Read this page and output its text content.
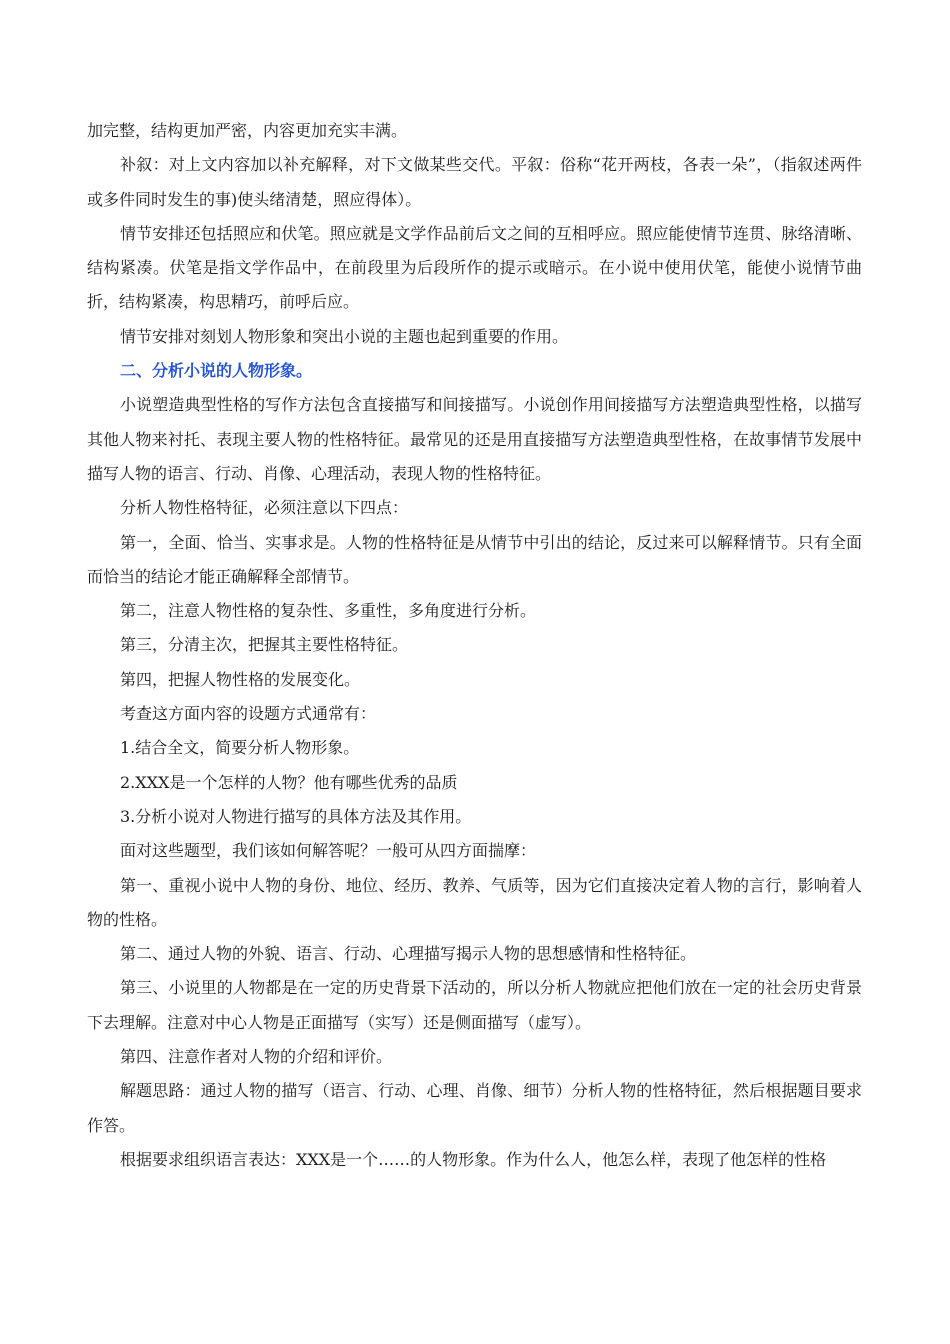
加完整，结构更加严密，内容更加充实丰满。

补叙：对上文内容加以补充解释，对下文做某些交代。平叙：俗称“花开两枝，各表一朵”，（指叙述两件或多件同时发生的事)使头绪清楚，照应得体）。

情节安排还包括照应和伏笔。照应就是文学作品前后文之间的互相呼应。照应能使情节连贯、脉络清晰、结构紧凑。伏笔是指文学作品中，在前段里为后段所作的提示或暗示。在小说中使用伏笔，能使小说情节曲折，结构紧凑，构思精巧，前呼后应。

情节安排对刻划人物形象和突出小说的主题也起到重要的作用。

二、分析小说的人物形象。

小说塑造典型性格的写作方法包含直接描写和间接描写。小说创作用间接描写方法塑造典型性格，以描写其他人物来衬托、表现主要人物的性格特征。最常见的还是用直接描写方法塑造典型性格，在故事情节发展中描写人物的语言、行动、肖像、心理活动，表现人物的性格特征。

分析人物性格特征，必须注意以下四点：

第一，全面、恰当、实事求是。人物的性格特征是从情节中引出的结论，反过来可以解释情节。只有全面而恰当的结论才能正确解释全部情节。

第二，注意人物性格的复杂性、多重性，多角度进行分析。

第三，分清主次，把握其主要性格特征。

第四，把握人物性格的发展变化。

考查这方面内容的设题方式通常有：

1.结合全文，简要分析人物形象。

2.XXX是一个怎样的人物？他有哪些优秀的品质

3.分析小说对人物进行描写的具体方法及其作用。

面对这些题型，我们该如何解答呢？一般可从四方面揣摩：

第一、重视小说中人物的身份、地位、经历、教养、气质等，因为它们直接决定着人物的言行，影响着人物的性格。

第二、通过人物的外貌、语言、行动、心理描写揭示人物的思想感情和性格特征。

第三、小说里的人物都是在一定的历史背景下活动的，所以分析人物就应把他们放在一定的社会历史背景下去理解。注意对中心人物是正面描写（实写）还是侧面描写（虚写）。

第四、注意作者对人物的介绍和评价。

解题思路：通过人物的描写（语言、行动、心理、肖像、细节）分析人物的性格特征，然后根据题目要求作答。

根据要求组织语言表达：XXX是一个……的人物形象。作为什么人，他怎么样，表现了他怎样的性格
